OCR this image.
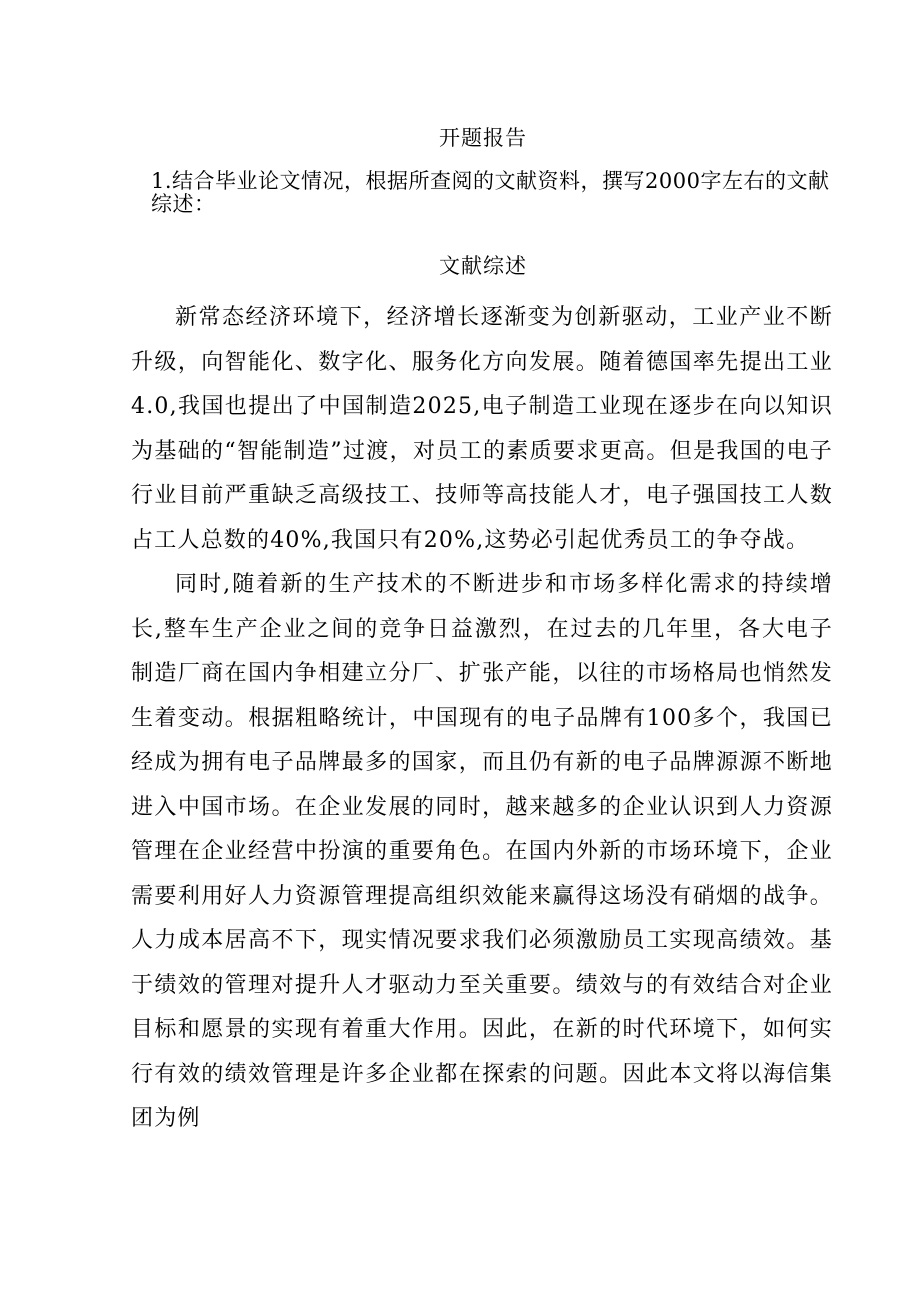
开题报告
1.结合毕业论文情况，根据所查阅的文献资料，撰写2000字左右的文献综述：
文献综述

新常态经济环境下，经济增长逐渐变为创新驱动，工业产业不断升级，向智能化、数字化、服务化方向发展。随着德国率先提出工业4.0,我国也提出了中国制造2025,电子制造工业现在逐步在向以知识为基础的“智能制造”过渡，对员工的素质要求更高。但是我国的电子行业目前严重缺乏高级技工、技师等高技能人才，电子强国技工人数占工人总数的40%,我国只有20%,这势必引起优秀员工的争夺战。

同时,随着新的生产技术的不断进步和市场多样化需求的持续增长,整车生产企业之间的竞争日益激烈，在过去的几年里，各大电子制造厂商在国内争相建立分厂、扩张产能，以往的市场格局也悄然发生着变动。根据粗略统计，中国现有的电子品牌有100多个，我国已经成为拥有电子品牌最多的国家，而且仍有新的电子品牌源源不断地进入中国市场。在企业发展的同时，越来越多的企业认识到人力资源管理在企业经营中扮演的重要角色。在国内外新的市场环境下，企业需要利用好人力资源管理提高组织效能来赢得这场没有硝烟的战争。人力成本居高不下，现实情况要求我们必须激励员工实现高绩效。基于绩效的管理对提升人才驱动力至关重要。绩效与的有效结合对企业目标和愿景的实现有着重大作用。因此，在新的时代环境下，如何实行有效的绩效管理是许多企业都在探索的问题。因此本文将以海信集团为例
